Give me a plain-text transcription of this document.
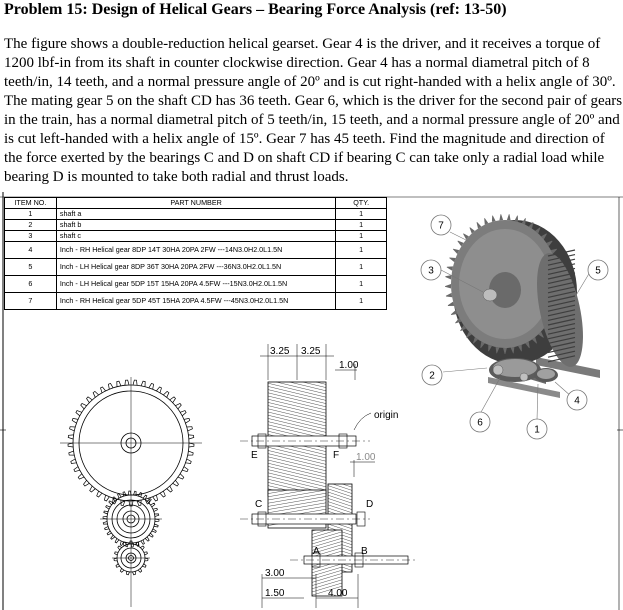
Problem 15: Design of Helical Gears – Bearing Force Analysis (ref: 13-50)
The figure shows a double-reduction helical gearset. Gear 4 is the driver, and it receives a torque of 1200 lbf-in from its shaft in counter clockwise direction. Gear 4 has a normal diametral pitch of 8 teeth/in, 14 teeth, and a normal pressure angle of 20º and is cut right-handed with a helix angle of 30º. The mating gear 5 on the shaft CD has 36 teeth. Gear 6, which is the driver for the second pair of gears in the train, has a normal diametral pitch of 5 teeth/in, 15 teeth, and a normal pressure angle of 20º and is cut left-handed with a helix angle of 15º. Gear 7 has 45 teeth. Find the magnitude and direction of the force exerted by the bearings C and D on shaft CD if bearing C can take only a radial load while bearing D is mounted to take both radial and thrust loads.
3.25 3.25
1.00
1.00
3.00
1.50	4.00
origin
E	F
C	D
A	B
7
3	5
2
6
1
4
ITEM NO.	PART NUMBER	QTY.
1	shaft a	1
2	shaft b	1
3	shaft c	1
4	Inch - RH Helical gear 8DP 14T 30HA 20PA 2FW ---14N3.0H2.0L1.5N	1
5	Inch - LH Helical gear 8DP 36T 30HA 20PA 2FW ---36N3.0H2.0L1.5N	1
6	Inch - LH Helical gear 5DP 15T 15HA 20PA 4.5FW ---15N3.0H2.0L1.5N	1
7	Inch - RH Helical gear 5DP 45T 15HA 20PA 4.5FW ---45N3.0H2.0L1.5N	1
